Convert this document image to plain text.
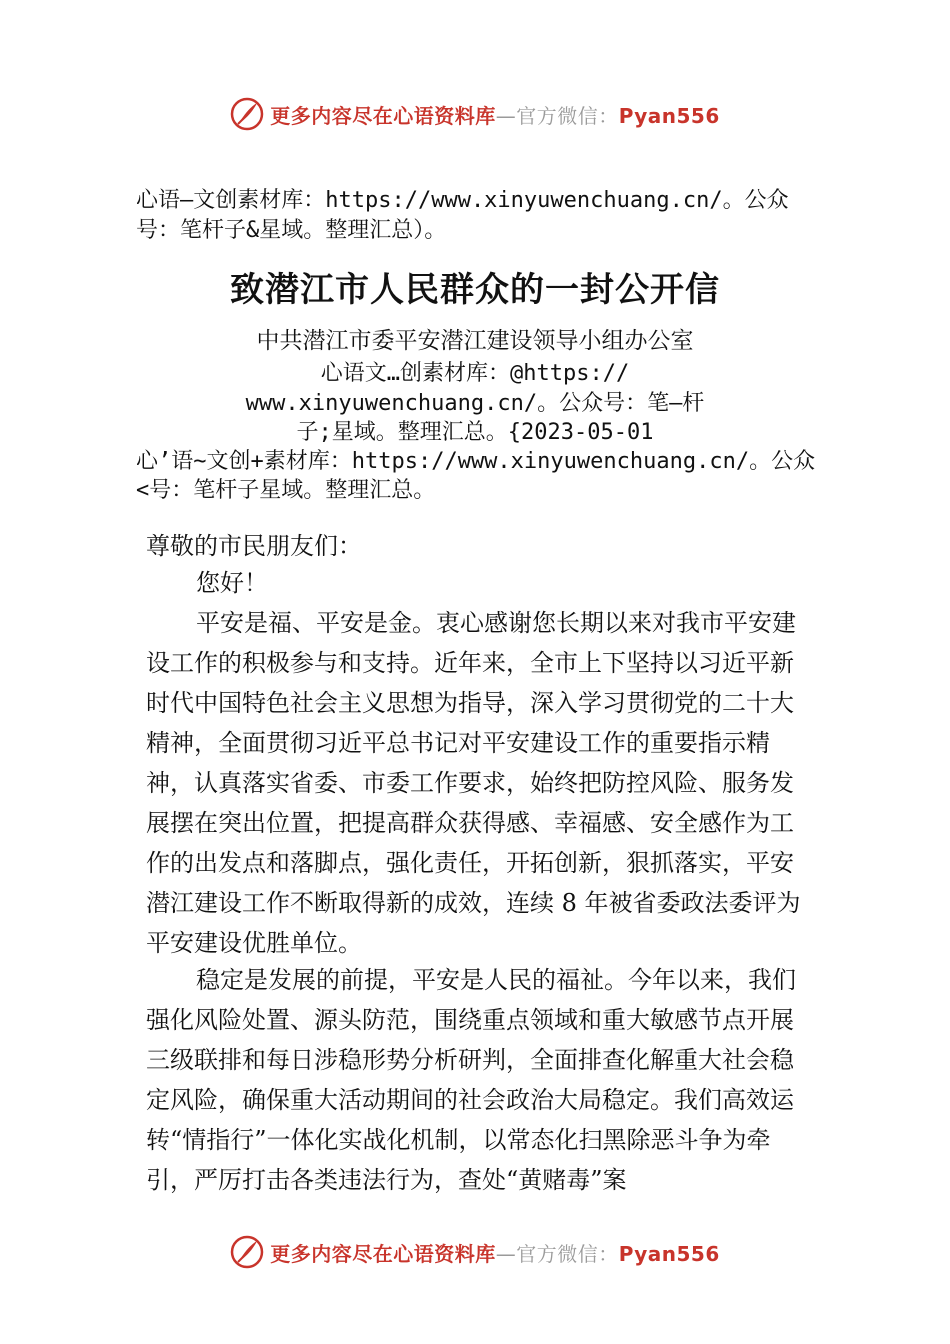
更多内容尽在心语资料库—官方微信：Pyan556
心语—文创素材库：https://www.xinyuwenchuang.cn/。公众
号：笔杆子&星域。整理汇总）。
致潜江市人民群众的一封公开信
中共潜江市委平安潜江建设领导小组办公室
心语文…创素材库：@https://
www.xinyuwenchuang.cn/。公众号：笔—杆
子;星域。整理汇总。{2023-05-01
心’语~文创+素材库：https://www.xinyuwenchuang.cn/。公众
<号：笔杆子星域。整理汇总。
尊敬的市民朋友们：
您好！
平安是福、平安是金。衷心感谢您长期以来对我市平安建设工作的积极参与和支持。近年来，全市上下坚持以习近平新时代中国特色社会主义思想为指导，深入学习贯彻党的二十大精神，全面贯彻习近平总书记对平安建设工作的重要指示精神，认真落实省委、市委工作要求，始终把防控风险、服务发展摆在突出位置，把提高群众获得感、幸福感、安全感作为工作的出发点和落脚点，强化责任，开拓创新，狠抓落实，平安潜江建设工作不断取得新的成效，连续 8 年被省委政法委评为平安建设优胜单位。
稳定是发展的前提，平安是人民的福祉。今年以来，我们强化风险处置、源头防范，围绕重点领域和重大敏感节点开展三级联排和每日涉稳形势分析研判，全面排查化解重大社会稳定风险，确保重大活动期间的社会政治大局稳定。我们高效运转“情指行”一体化实战化机制，以常态化扫黑除恶斗争为牵引，严厉打击各类违法行为，查处“黄赌毒”案
更多内容尽在心语资料库—官方微信：Pyan556
